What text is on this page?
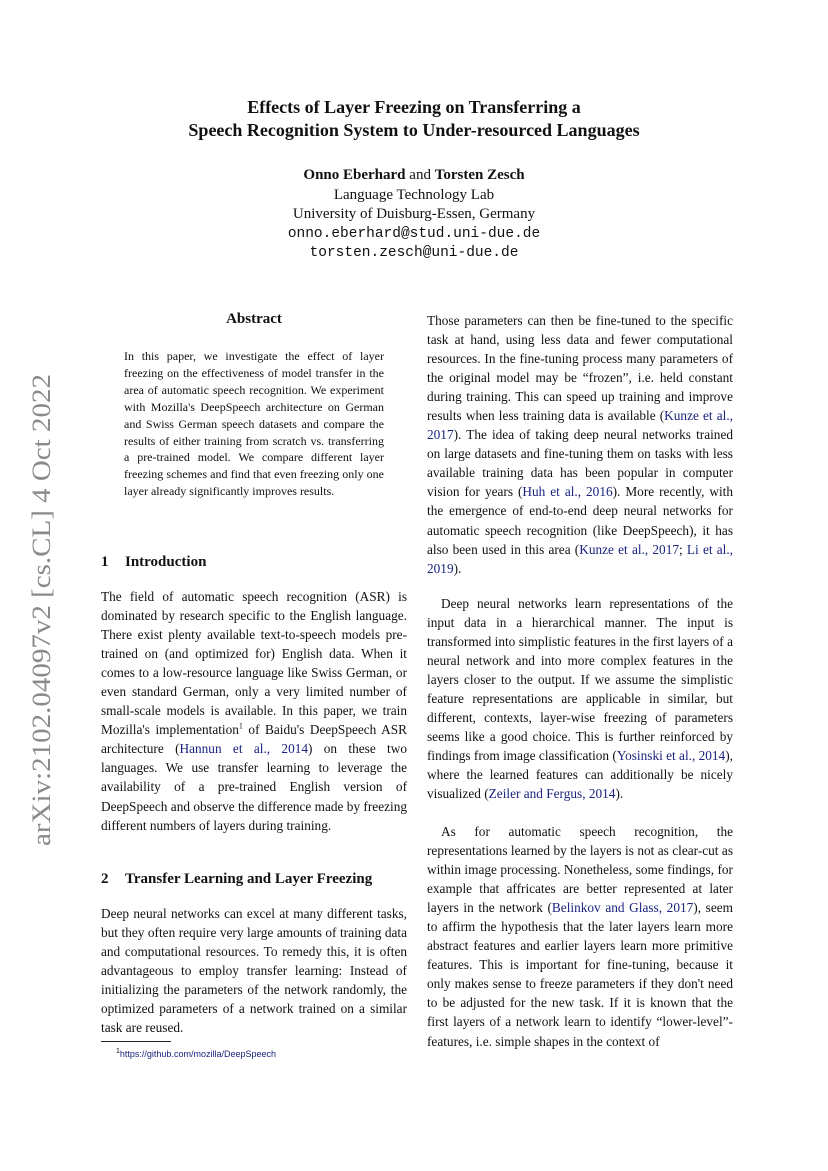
arXiv:2102.04097v2 [cs.CL] 4 Oct 2022
Effects of Layer Freezing on Transferring a
Speech Recognition System to Under-resourced Languages
Onno Eberhard and Torsten Zesch
Language Technology Lab
University of Duisburg-Essen, Germany
onno.eberhard@stud.uni-due.de
torsten.zesch@uni-due.de
Abstract
In this paper, we investigate the effect of layer freezing on the effectiveness of model transfer in the area of automatic speech recognition. We experiment with Mozilla's DeepSpeech architecture on German and Swiss German speech datasets and compare the results of either training from scratch vs. transferring a pre-trained model. We compare different layer freezing schemes and find that even freezing only one layer already significantly improves results.
1 Introduction
The field of automatic speech recognition (ASR) is dominated by research specific to the English language. There exist plenty available text-to-speech models pre-trained on (and optimized for) English data. When it comes to a low-resource language like Swiss German, or even standard German, only a very limited number of small-scale models is available. In this paper, we train Mozilla's implementation$^1$ of Baidu's DeepSpeech ASR architecture (Hannun et al., 2014) on these two languages. We use transfer learning to leverage the availability of a pre-trained English version of DeepSpeech and observe the difference made by freezing different numbers of layers during training.
2 Transfer Learning and Layer Freezing
Deep neural networks can excel at many different tasks, but they often require very large amounts of training data and computational resources. To remedy this, it is often advantageous to employ transfer learning: Instead of initializing the parameters of the network randomly, the optimized parameters of a network trained on a similar task are reused.
$^1$https://github.com/mozilla/DeepSpeech
Those parameters can then be fine-tuned to the specific task at hand, using less data and fewer computational resources. In the fine-tuning process many parameters of the original model may be “frozen”, i.e. held constant during training. This can speed up training and improve results when less training data is available (Kunze et al., 2017). The idea of taking deep neural networks trained on large datasets and fine-tuning them on tasks with less available training data has been popular in computer vision for years (Huh et al., 2016). More recently, with the emergence of end-to-end deep neural networks for automatic speech recognition (like DeepSpeech), it has also been used in this area (Kunze et al., 2017; Li et al., 2019).
Deep neural networks learn representations of the input data in a hierarchical manner. The input is transformed into simplistic features in the first layers of a neural network and into more complex features in the layers closer to the output. If we assume the simplistic feature representations are applicable in similar, but different, contexts, layer-wise freezing of parameters seems like a good choice. This is further reinforced by findings from image classification (Yosinski et al., 2014), where the learned features can additionally be nicely visualized (Zeiler and Fergus, 2014).
As for automatic speech recognition, the representations learned by the layers is not as clear-cut as within image processing. Nonetheless, some findings, for example that affricates are better represented at later layers in the network (Belinkov and Glass, 2017), seem to affirm the hypothesis that the later layers learn more abstract features and earlier layers learn more primitive features. This is important for fine-tuning, because it only makes sense to freeze parameters if they don't need to be adjusted for the new task. If it is known that the first layers of a network learn to identify “lower-level”-features, i.e. simple shapes in the context of
